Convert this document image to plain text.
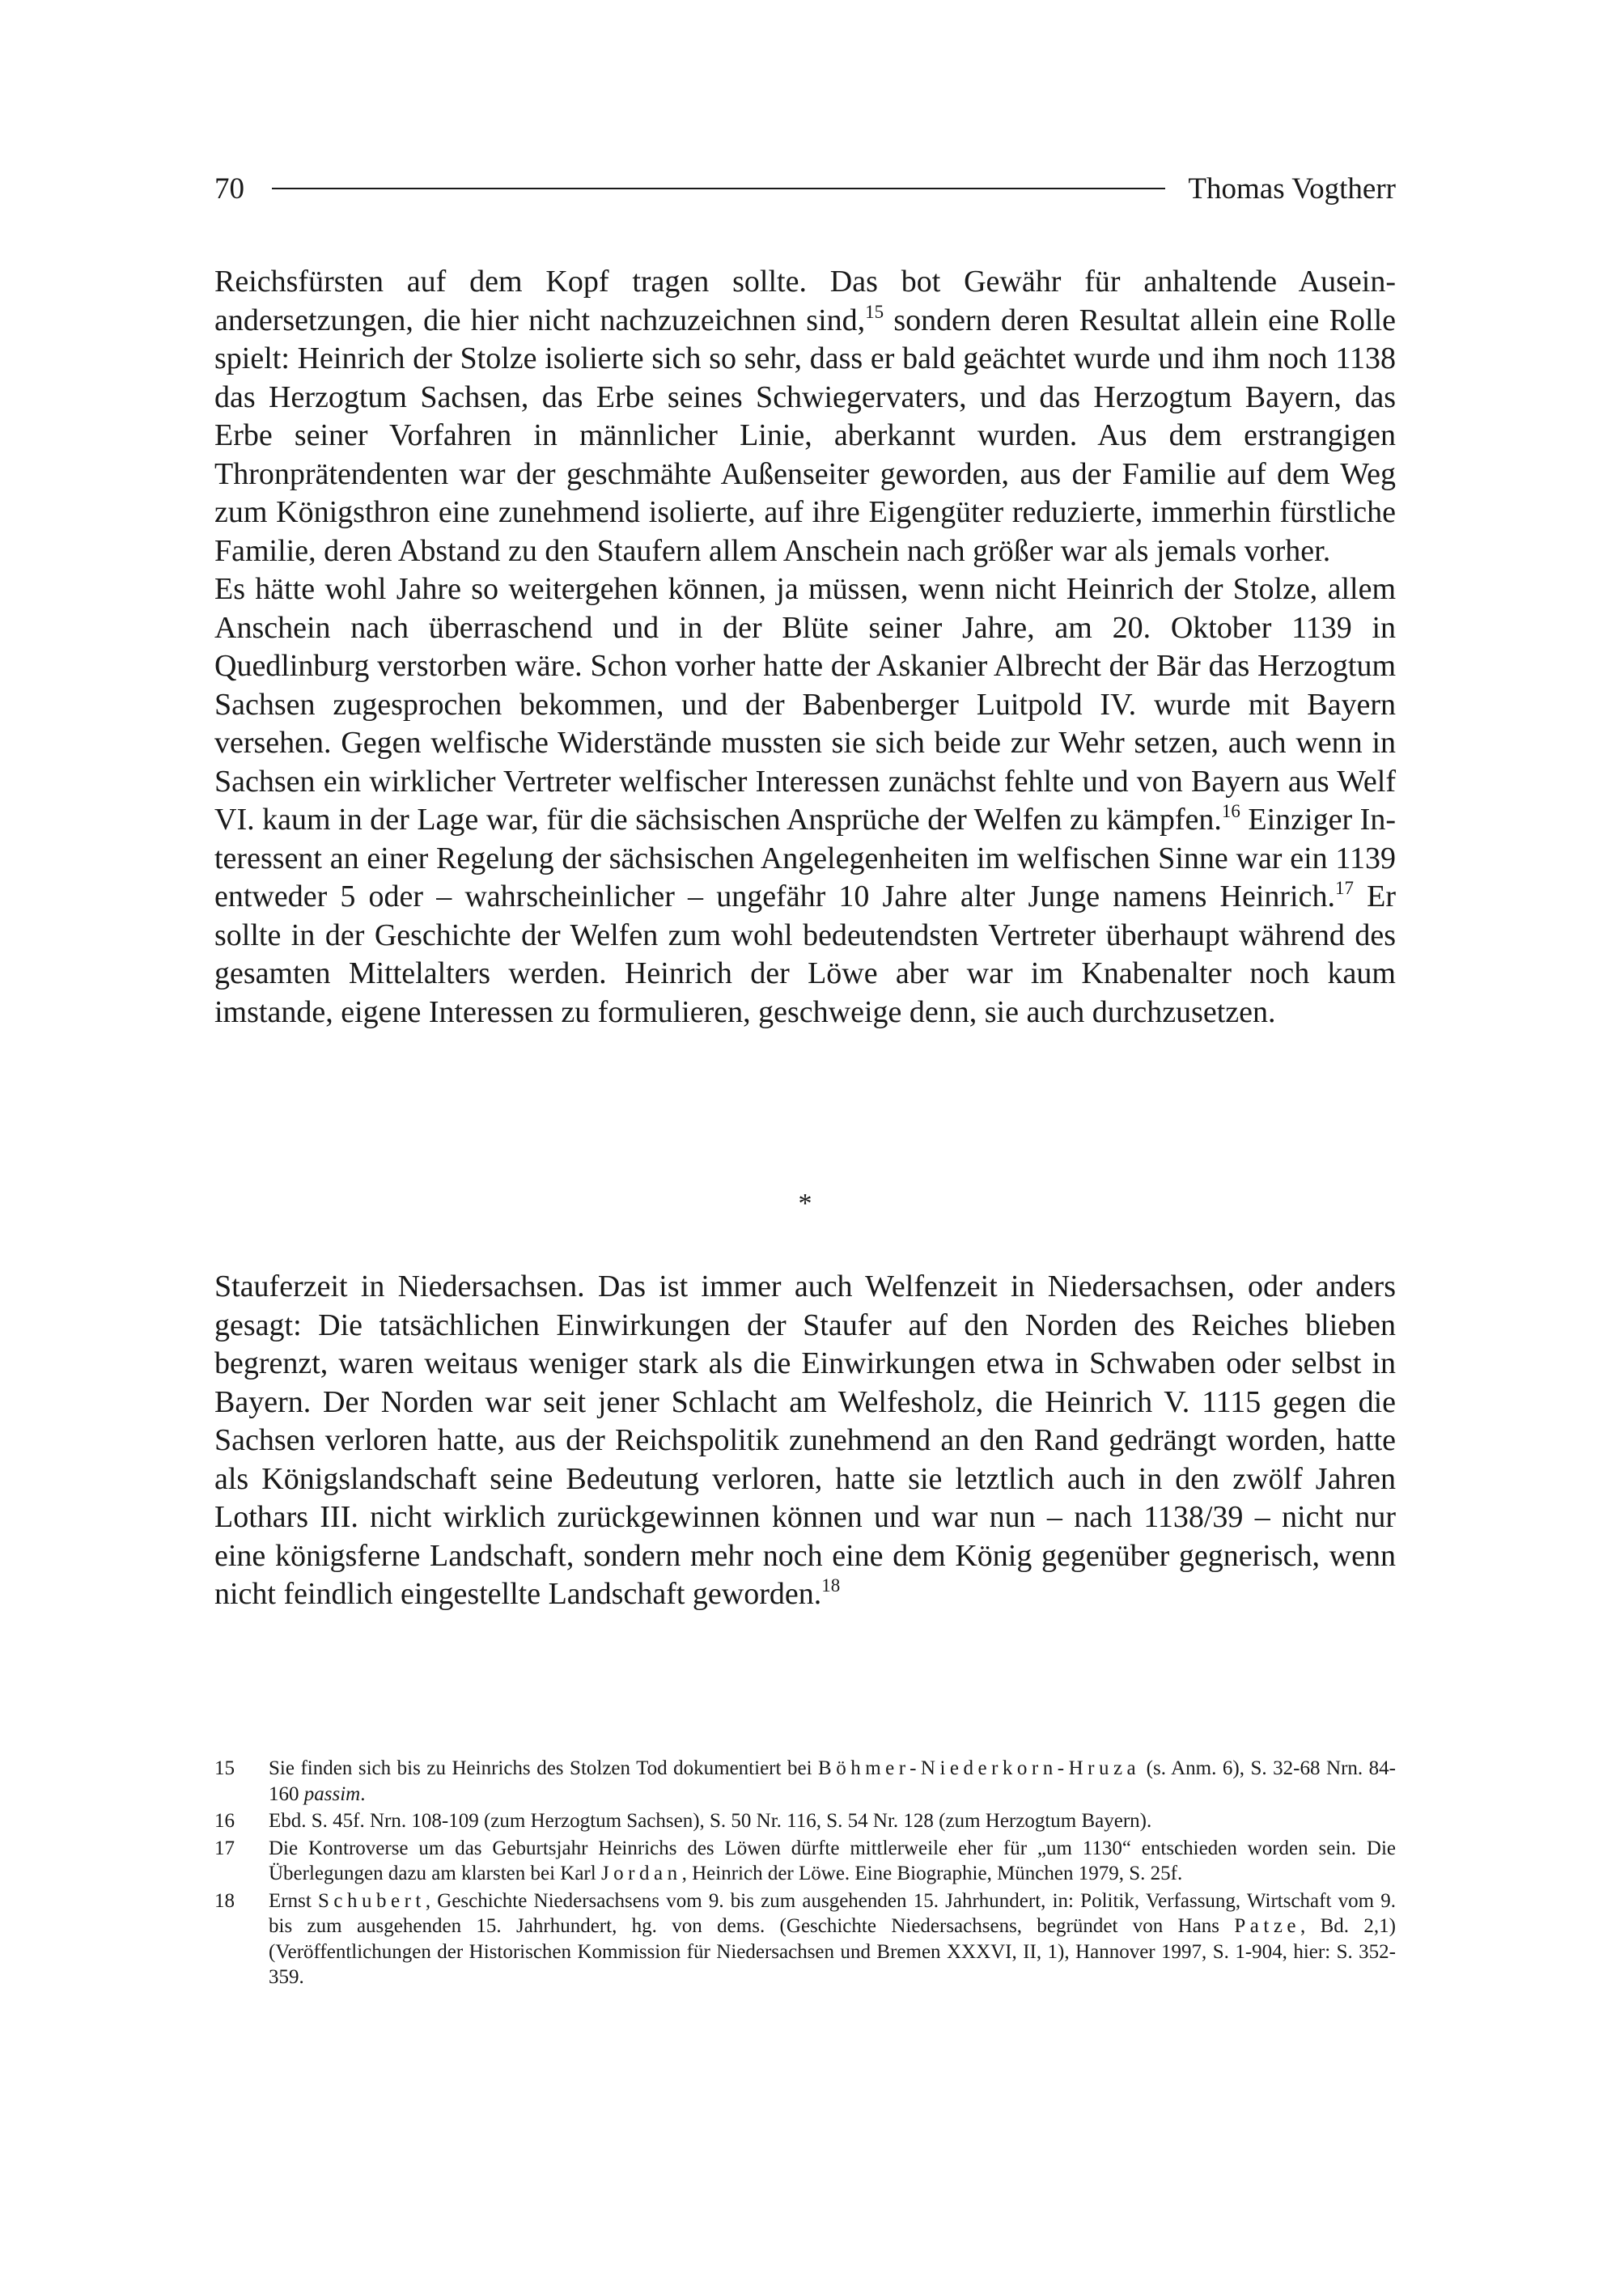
70	Thomas Vogtherr

Reichsfürsten auf dem Kopf tragen sollte. Das bot Gewähr für anhaltende Auseinandersetzungen, die hier nicht nachzuzeichnen sind,$^{15}$ sondern deren Resultat allein eine Rolle spielt: Heinrich der Stolze isolierte sich so sehr, dass er bald geächtet wurde und ihm noch 1138 das Herzogtum Sachsen, das Erbe seines Schwiegervaters, und das Herzogtum Bayern, das Erbe seiner Vorfahren in männlicher Linie, aberkannt wurden. Aus dem erstrangigen Thronprätendenten war der geschmähte Außenseiter geworden, aus der Familie auf dem Weg zum Königsthron eine zunehmend isolierte, auf ihre Eigengüter reduzierte, immerhin fürstliche Familie, deren Abstand zu den Staufern allem Anschein nach größer war als jemals vorher.

Es hätte wohl Jahre so weitergehen können, ja müssen, wenn nicht Heinrich der Stolze, allem Anschein nach überraschend und in der Blüte seiner Jahre, am 20. Oktober 1139 in Quedlinburg verstorben wäre. Schon vorher hatte der Askanier Albrecht der Bär das Herzogtum Sachsen zugesprochen bekommen, und der Babenberger Luitpold IV. wurde mit Bayern versehen. Gegen welfische Widerstände mussten sie sich beide zur Wehr setzen, auch wenn in Sachsen ein wirklicher Vertreter welfischer Interessen zunächst fehlte und von Bayern aus Welf VI. kaum in der Lage war, für die sächsischen Ansprüche der Welfen zu kämpfen.$^{16}$ Einziger Interessent an einer Regelung der sächsischen Angelegenheiten im welfischen Sinne war ein 1139 entweder 5 oder – wahrscheinlicher – ungefähr 10 Jahre alter Junge namens Heinrich.$^{17}$ Er sollte in der Geschichte der Welfen zum wohl bedeutendsten Vertreter überhaupt während des gesamten Mittelalters werden. Heinrich der Löwe aber war im Knabenalter noch kaum imstande, eigene Interessen zu formulieren, geschweige denn, sie auch durchzusetzen.

*

Stauferzeit in Niedersachsen. Das ist immer auch Welfenzeit in Niedersachsen, oder anders gesagt: Die tatsächlichen Einwirkungen der Staufer auf den Norden des Reiches blieben begrenzt, waren weitaus weniger stark als die Einwirkungen etwa in Schwaben oder selbst in Bayern. Der Norden war seit jener Schlacht am Welfesholz, die Heinrich V. 1115 gegen die Sachsen verloren hatte, aus der Reichspolitik zunehmend an den Rand gedrängt worden, hatte als Königslandschaft seine Bedeutung verloren, hatte sie letztlich auch in den zwölf Jahren Lothars III. nicht wirklich zurückgewinnen können und war nun – nach 1138/39 – nicht nur eine königsferne Landschaft, sondern mehr noch eine dem König gegenüber gegnerisch, wenn nicht feindlich eingestellte Landschaft geworden.$^{18}$

15	Sie finden sich bis zu Heinrichs des Stolzen Tod dokumentiert bei Böhmer-Niederkorn-Hruza (s. Anm. 6), S. 32-68 Nrn. 84-160 passim.
16	Ebd. S. 45f. Nrn. 108-109 (zum Herzogtum Sachsen), S. 50 Nr. 116, S. 54 Nr. 128 (zum Herzogtum Bayern).
17	Die Kontroverse um das Geburtsjahr Heinrichs des Löwen dürfte mittlerweile eher für „um 1130“ entschieden worden sein. Die Überlegungen dazu am klarsten bei Karl Jordan, Heinrich der Löwe. Eine Biographie, München 1979, S. 25f.
18	Ernst Schubert, Geschichte Niedersachsens vom 9. bis zum ausgehenden 15. Jahrhundert, in: Politik, Verfassung, Wirtschaft vom 9. bis zum ausgehenden 15. Jahrhundert, hg. von dems. (Geschichte Niedersachsens, begründet von Hans Patze, Bd. 2,1) (Veröffentlichungen der Historischen Kommission für Niedersachsen und Bremen XXXVI, II, 1), Hannover 1997, S. 1-904, hier: S. 352-359.
